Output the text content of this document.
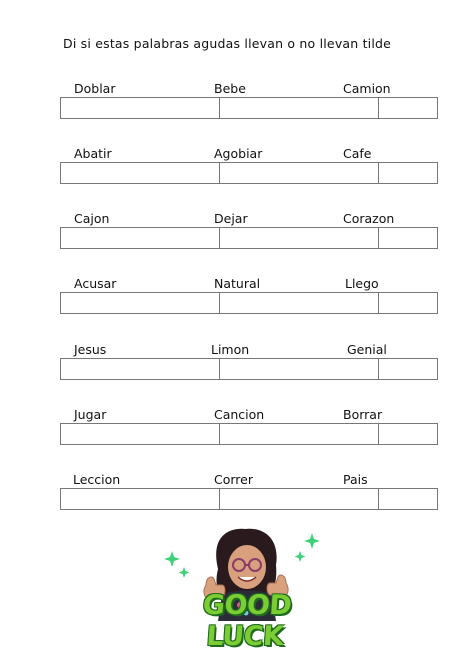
Di si estas palabras agudas llevan o no llevan tilde
Doblar	Bebe	Camion
Abatir	Agobiar	Cafe
Cajon	Dejar	Corazon
Acusar	Natural	Llego
Jesus	Limon	Genial
Jugar	Cancion	Borrar
Leccion	Correr	Pais
GOOD LUCK
